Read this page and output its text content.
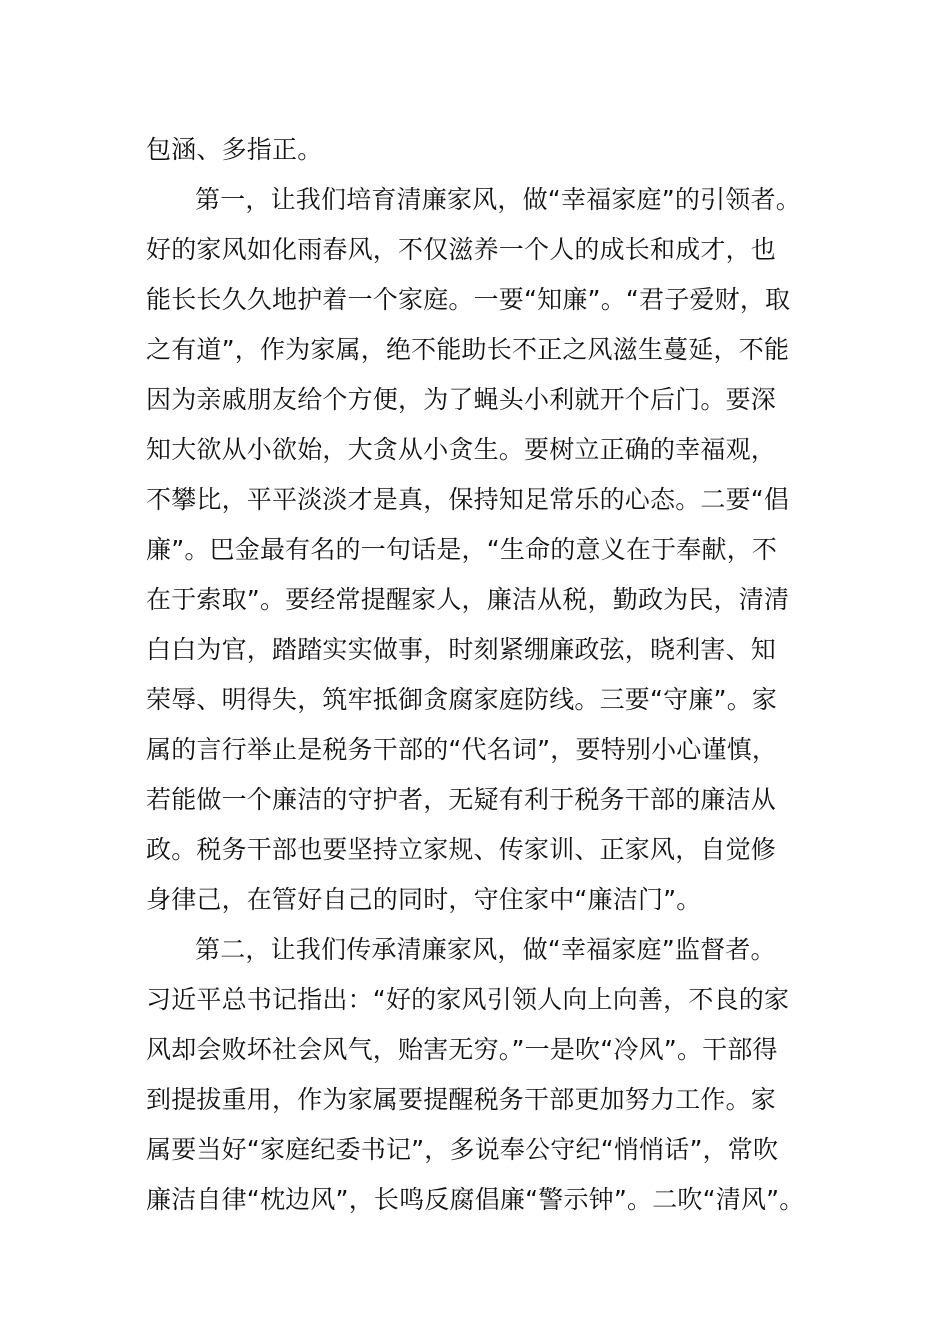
包涵、多指正。
第一，让我们培育清廉家风，做“幸福家庭”的引领者。
好的家风如化雨春风，不仅滋养一个人的成长和成才，也
能长长久久地护着一个家庭。一要“知廉”。“君子爱财，取
之有道”，作为家属，绝不能助长不正之风滋生蔓延，不能
因为亲戚朋友给个方便，为了蝇头小利就开个后门。要深
知大欲从小欲始，大贪从小贪生。要树立正确的幸福观，
不攀比，平平淡淡才是真，保持知足常乐的心态。二要“倡
廉”。巴金最有名的一句话是，“生命的意义在于奉献，不
在于索取”。要经常提醒家人，廉洁从税，勤政为民，清清
白白为官，踏踏实实做事，时刻紧绷廉政弦，晓利害、知
荣辱、明得失，筑牢抵御贪腐家庭防线。三要“守廉”。家
属的言行举止是税务干部的“代名词”，要特别小心谨慎，
若能做一个廉洁的守护者，无疑有利于税务干部的廉洁从
政。税务干部也要坚持立家规、传家训、正家风，自觉修
身律己，在管好自己的同时，守住家中“廉洁门”。
第二，让我们传承清廉家风，做“幸福家庭”监督者。
习近平总书记指出：“好的家风引领人向上向善，不良的家
风却会败坏社会风气，贻害无穷。”一是吹“冷风”。干部得
到提拔重用，作为家属要提醒税务干部更加努力工作。家
属要当好“家庭纪委书记”，多说奉公守纪“悄悄话”，常吹
廉洁自律“枕边风”，长鸣反腐倡廉“警示钟”。二吹“清风”。
